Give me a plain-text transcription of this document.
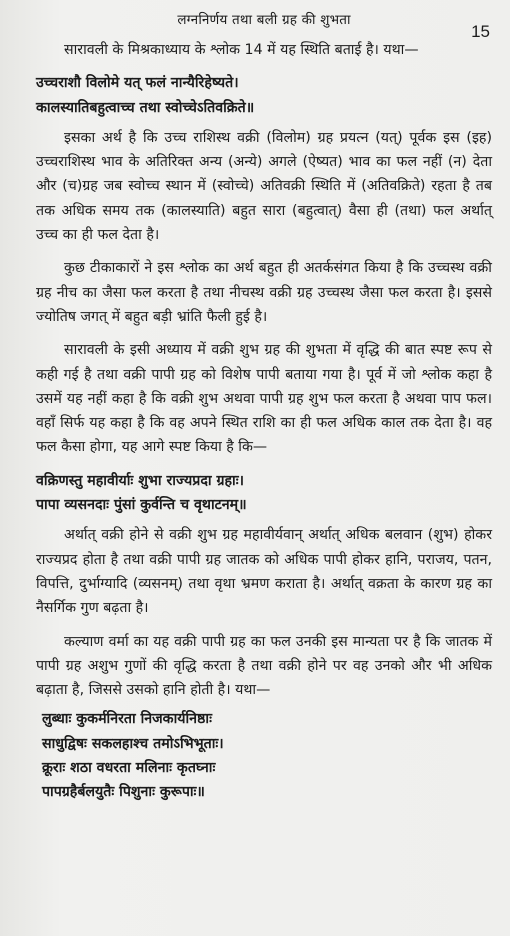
लग्ननिर्णय तथा बली ग्रह की शुभता
15

सारावली के मिश्रकाध्याय के श्लोक 14 में यह स्थिति बताई है। यथा—

उच्चराशौ विलोमे यत् फलं नान्यैरिहेष्यते।
कालस्यातिबहुत्वाच्च तथा स्वोच्चेऽतिवक्रिते॥

इसका अर्थ है कि उच्च राशिस्थ वक्री (विलोम) ग्रह प्रयत्न (यत्) पूर्वक इस (इह) उच्चराशिस्थ भाव के अतिरिक्त अन्य (अन्ये) अगले (ऐष्यत) भाव का फल नहीं (न) देता और (च)ग्रह जब स्वोच्च स्थान में (स्वोच्चे) अतिवक्री स्थिति में (अतिवक्रिते) रहता है तब तक अधिक समय तक (कालस्याति) बहुत सारा (बहुत्वात्) वैसा ही (तथा) फल अर्थात् उच्च का ही फल देता है।

कुछ टीकाकारों ने इस श्लोक का अर्थ बहुत ही अतर्कसंगत किया है कि उच्चस्थ वक्री ग्रह नीच का जैसा फल करता है तथा नीचस्थ वक्री ग्रह उच्चस्थ जैसा फल करता है। इससे ज्योतिष जगत् में बहुत बड़ी भ्रांति फैली हुई है।

सारावली के इसी अध्याय में वक्री शुभ ग्रह की शुभता में वृद्धि की बात स्पष्ट रूप से कही गई है तथा वक्री पापी ग्रह को विशेष पापी बताया गया है। पूर्व में जो श्लोक कहा है उसमें यह नहीं कहा है कि वक्री शुभ अथवा पापी ग्रह शुभ फल करता है अथवा पाप फल। वहाँ सिर्फ यह कहा है कि वह अपने स्थित राशि का ही फल अधिक काल तक देता है। वह फल कैसा होगा, यह आगे स्पष्ट किया है कि—

वक्रिणस्तु महावीर्याः शुभा राज्यप्रदा ग्रहाः।
पापा व्यसनदाः पुंसां कुर्वन्ति च वृथाटनम्॥

अर्थात् वक्री होने से वक्री शुभ ग्रह महावीर्यवान् अर्थात् अधिक बलवान (शुभ) होकर राज्यप्रद होता है तथा वक्री पापी ग्रह जातक को अधिक पापी होकर हानि, पराजय, पतन, विपत्ति, दुर्भाग्यादि (व्यसनम्) तथा वृथा भ्रमण कराता है। अर्थात् वक्रता के कारण ग्रह का नैसर्गिक गुण बढ़ता है।

कल्याण वर्मा का यह वक्री पापी ग्रह का फल उनकी इस मान्यता पर है कि जातक में पापी ग्रह अशुभ गुणों की वृद्धि करता है तथा वक्री होने पर वह उनको और भी अधिक बढ़ाता है, जिससे उसको हानि होती है। यथा—

लुब्धाः कुकर्मनिरता निजकार्यनिष्ठाः
साधुद्विषः सकलहाश्च तमोऽभिभूताः।
क्रूराः शठा वधरता मलिनाः कृतघ्नाः
पापग्रहैर्बलयुतैः पिशुनाः कुरूपाः॥
